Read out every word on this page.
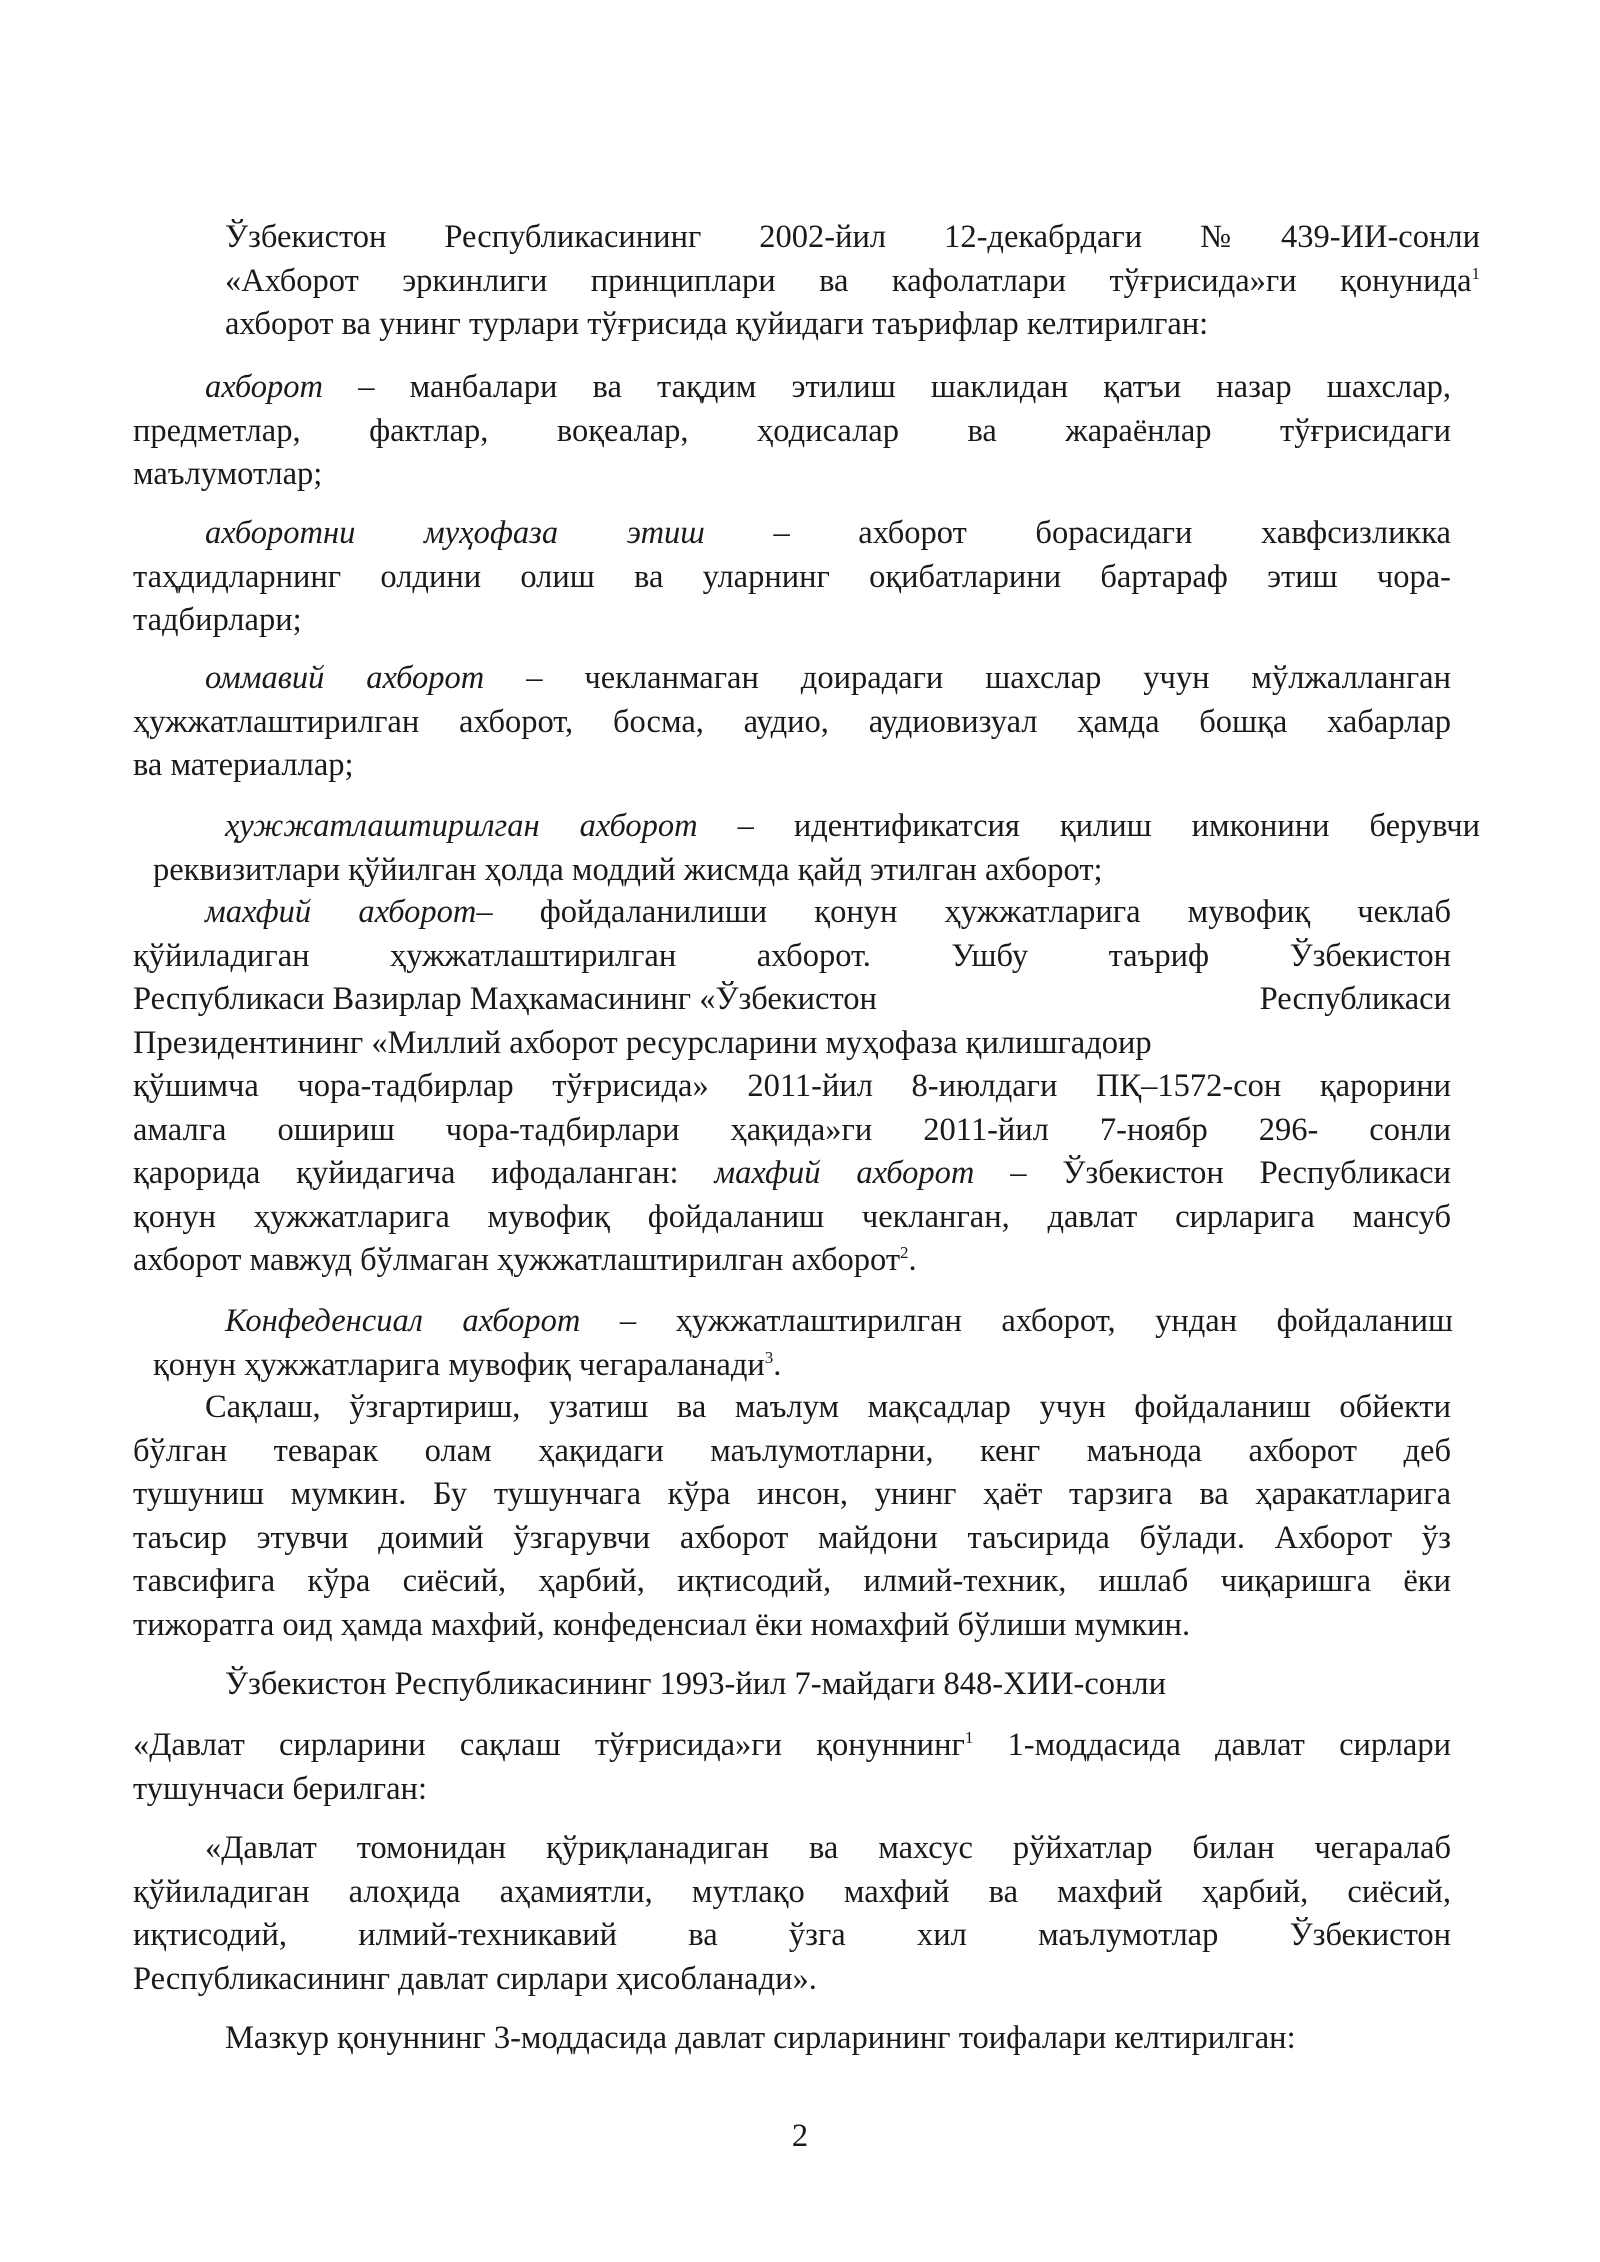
Ўзбекистон Республикасининг 2002-йил 12-декабрдаги №439-ИИ-сонли
«Ахборот эркинлиги принциплари ва кафолатлари тўғрисида»ги қонунида$^1$
ахборот ва унинг турлари тўғрисида қуйидаги таърифлар келтирилган:
ахборот – манбалари ва тақдим этилиш шаклидан қатъи назар шахслар,
предметлар, фактлар, воқеалар, ҳодисалар ва жараёнлар тўғрисидаги
маълумотлар;
ахборотни муҳофаза этиш – ахборот борасидаги хавфсизликка
таҳдидларнинг олдини олиш ва уларнинг оқибатларини бартараф этиш чора-
тадбирлари;
оммавий ахборот – чекланмаган доирадаги шахслар учун мўлжалланган
ҳужжатлаштирилган ахборот, босма, аудио, аудиовизуал ҳамда бошқа хабарлар
ва материаллар;
ҳужжатлаштирилган ахборот – идентификатсия қилиш имконини берувчи
реквизитлари қўйилган ҳолда моддий жисмда қайд этилган ахборот;
махфий ахборот– фойдаланилиши қонун ҳужжатларига мувофиқ чеклаб
қўйиладиган ҳужжатлаштирилган ахборот. Ушбу таъриф Ўзбекистон
Республикаси Вазирлар Маҳкамасининг «Ўзбекистон	Республикаси
Президентининг «Миллий ахборот ресурсларини муҳофаза қилишгадоир
қўшимча чора-тадбирлар тўғрисида» 2011-йил 8-июлдаги ПҚ–1572-сон қарорини
амалга ошириш чора-тадбирлари ҳақида»ги 2011-йил 7-ноябр 296- сонли
қарорида қуйидагича ифодаланган: махфий ахборот – Ўзбекистон Республикаси
қонун ҳужжатларига мувофиқ фойдаланиш чекланган, давлат сирларига мансуб
ахборот мавжуд бўлмаган ҳужжатлаштирилган ахборот$^2$.
Конфеденсиал ахборот – ҳужжатлаштирилган ахборот, ундан фойдаланиш
қонун ҳужжатларига мувофиқ чегараланади$^3$.
Сақлаш, ўзгартириш, узатиш ва маълум мақсадлар учун фойдаланиш обйекти
бўлган теварак олам ҳақидаги маълумотларни, кенг маънода ахборот деб
тушуниш мумкин. Бу тушунчага кўра инсон, унинг ҳаёт тарзига ва ҳаракатларига
таъсир этувчи доимий ўзгарувчи ахборот майдони таъсирида бўлади. Ахборот ўз
тавсифига кўра сиёсий, ҳарбий, иқтисодий, илмий-техник, ишлаб чиқаришга ёки
тижоратга оид ҳамда махфий, конфеденсиал ёки номахфий бўлиши мумкин.
Ўзбекистон Республикасининг 1993-йил 7-майдаги 848-ХИИ-сонли
«Давлат сирларини сақлаш тўғрисида»ги қонуннинг$^1$ 1-моддасида давлат сирлари
тушунчаси берилган:
«Давлат томонидан қўриқланадиган ва махсус рўйхатлар билан чегаралаб
қўйиладиган алоҳида аҳамиятли, мутлақо махфий ва махфий ҳарбий, сиёсий,
иқтисодий, илмий-техникавий ва ўзга хил маълумотлар Ўзбекистон
Республикасининг давлат сирлари ҳисобланади».
Мазкур қонуннинг 3-моддасида давлат сирларининг тоифалари келтирилган:
2
